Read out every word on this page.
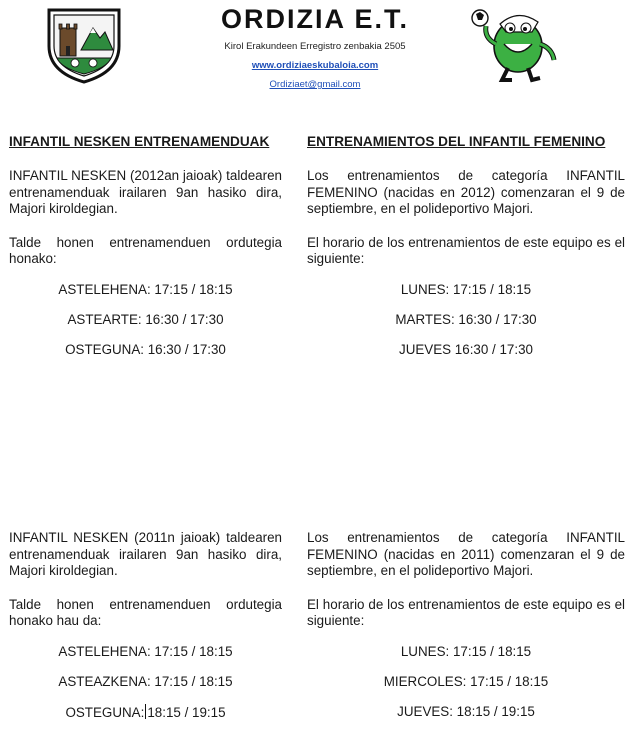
ORDIZIA E.T.
Kirol Erakundeen Erregistro zenbakia 2505
www.ordiziaeskubaloia.com
Ordiziaet@gmail.com
INFANTIL NESKEN ENTRENAMENDUAK

INFANTIL NESKEN (2012an jaioak) taldearen entrenamenduak irailaren 9an hasiko dira, Majori kiroldegian.

Talde honen entrenamenduen ordutegia honako:

ASTELEHENA: 17:15 / 18:15
ASTEARTE: 16:30 / 17:30
OSTEGUNA: 16:30 / 17:30

INFANTIL NESKEN (2011n jaioak) taldearen entrenamenduak irailaren 9an hasiko dira, Majori kiroldegian.

Talde honen entrenamenduen ordutegia honako hau da:

ASTELEHENA: 17:15 / 18:15
ASTEAZKENA: 17:15 / 18:15
OSTEGUNA: 18:15 / 19:15
ENTRENAMIENTOS DEL INFANTIL FEMENINO

Los entrenamientos de categoría INFANTIL FEMENINO (nacidas en 2012) comenzaran el 9 de septiembre, en el polideportivo Majori.

El horario de los entrenamientos de este equipo es el siguiente:

LUNES: 17:15 / 18:15
MARTES: 16:30 / 17:30
JUEVES 16:30 / 17:30

Los entrenamientos de categoría INFANTIL FEMENINO (nacidas en 2011) comenzaran el 9 de septiembre, en el polideportivo Majori.

El horario de los entrenamientos de este equipo es el siguiente:

LUNES: 17:15 / 18:15
MIERCOLES: 17:15 / 18:15
JUEVES: 18:15 / 19:15
